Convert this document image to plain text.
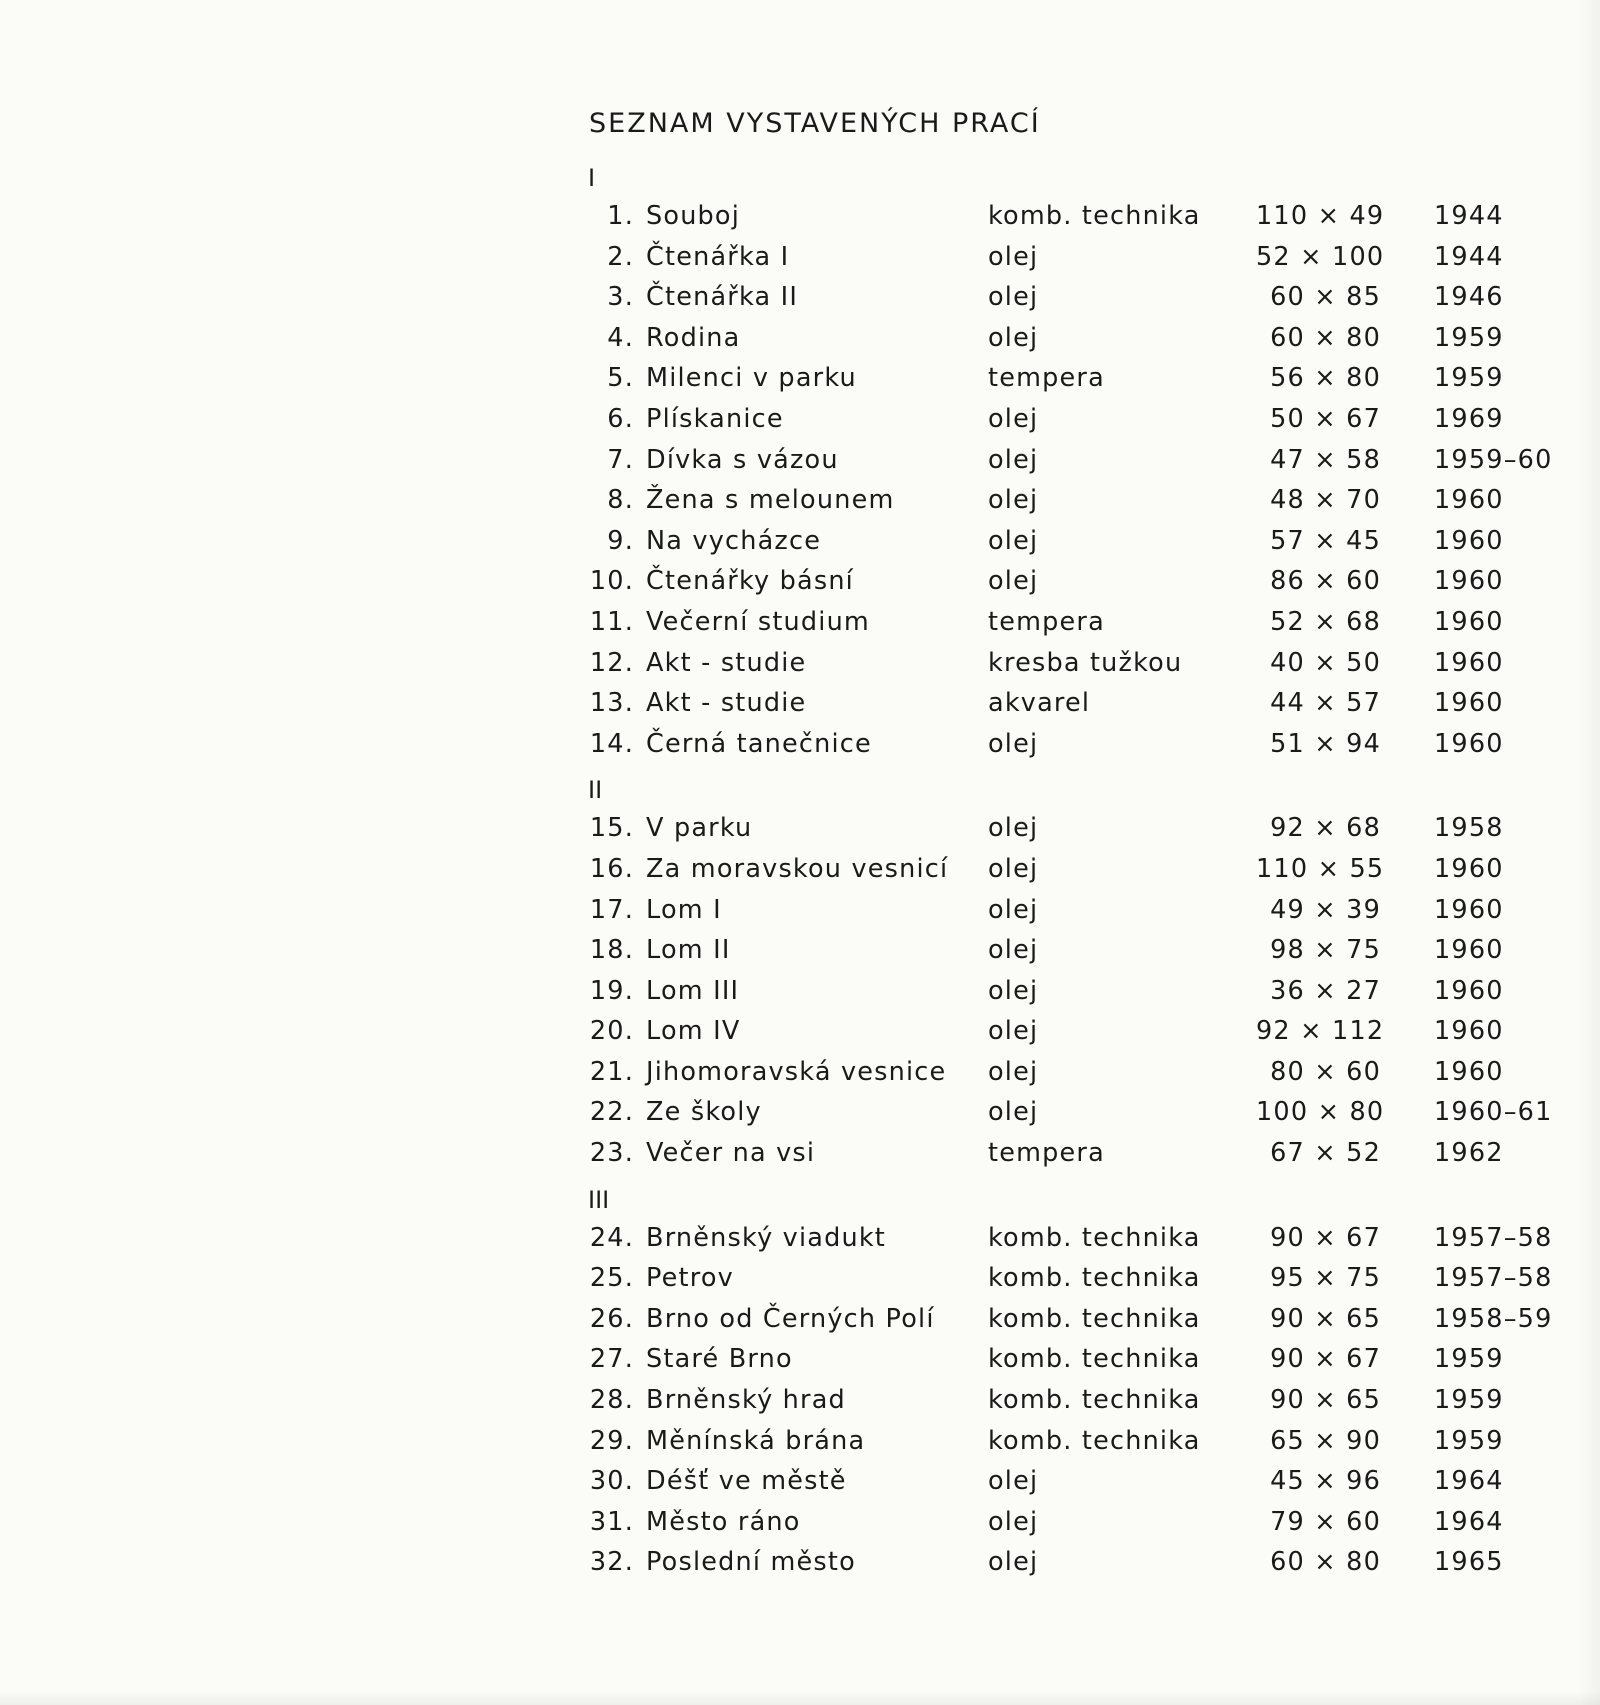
SEZNAM VYSTAVENÝCH PRACÍ
I
1. Souboj	komb. technika 110 × 49 1944
2. Čtenářka I	olej	52 × 100 1944
3. Čtenářka II	olej	60 × 85 1946
4. Rodina	olej	60 × 80 1959
5. Milenci v parku	tempera	56 × 80 1959
6. Plískanice	olej	50 × 67 1969
7. Dívka s vázou	olej	47 × 58 1959–60
8. Žena s melounem	olej	48 × 70 1960
9. Na vycházce	olej	57 × 45 1960
10. Čtenářky básní	olej	86 × 60 1960
11. Večerní studium	tempera	52 × 68 1960
12. Akt - studie	kresba tužkou	40 × 50 1960
13. Akt - studie	akvarel	44 × 57 1960
14. Černá tanečnice	olej	51 × 94 1960
II
15. V parku	olej	92 × 68 1958
16. Za moravskou vesnicí olej	110 × 55 1960
17. Lom I	olej	49 × 39 1960
18. Lom II	olej	98 × 75 1960
19. Lom III	olej	36 × 27 1960
20. Lom IV	olej	92 × 112 1960
21. Jihomoravská vesnice olej	80 × 60 1960
22. Ze školy	olej	100 × 80 1960–61
23. Večer na vsi	tempera	67 × 52 1962
III
24. Brněnský viadukt	komb. technika	90 × 67 1957–58
25. Petrov	komb. technika	95 × 75 1957–58
26. Brno od Černých Polí komb. technika	90 × 65 1958–59
27. Staré Brno	komb. technika	90 × 67 1959
28. Brněnský hrad	komb. technika	90 × 65 1959
29. Měnínská brána	komb. technika	65 × 90 1959
30. Déšť ve městě	olej	45 × 96 1964
31. Město ráno	olej	79 × 60 1964
32. Poslední město	olej	60 × 80 1965
